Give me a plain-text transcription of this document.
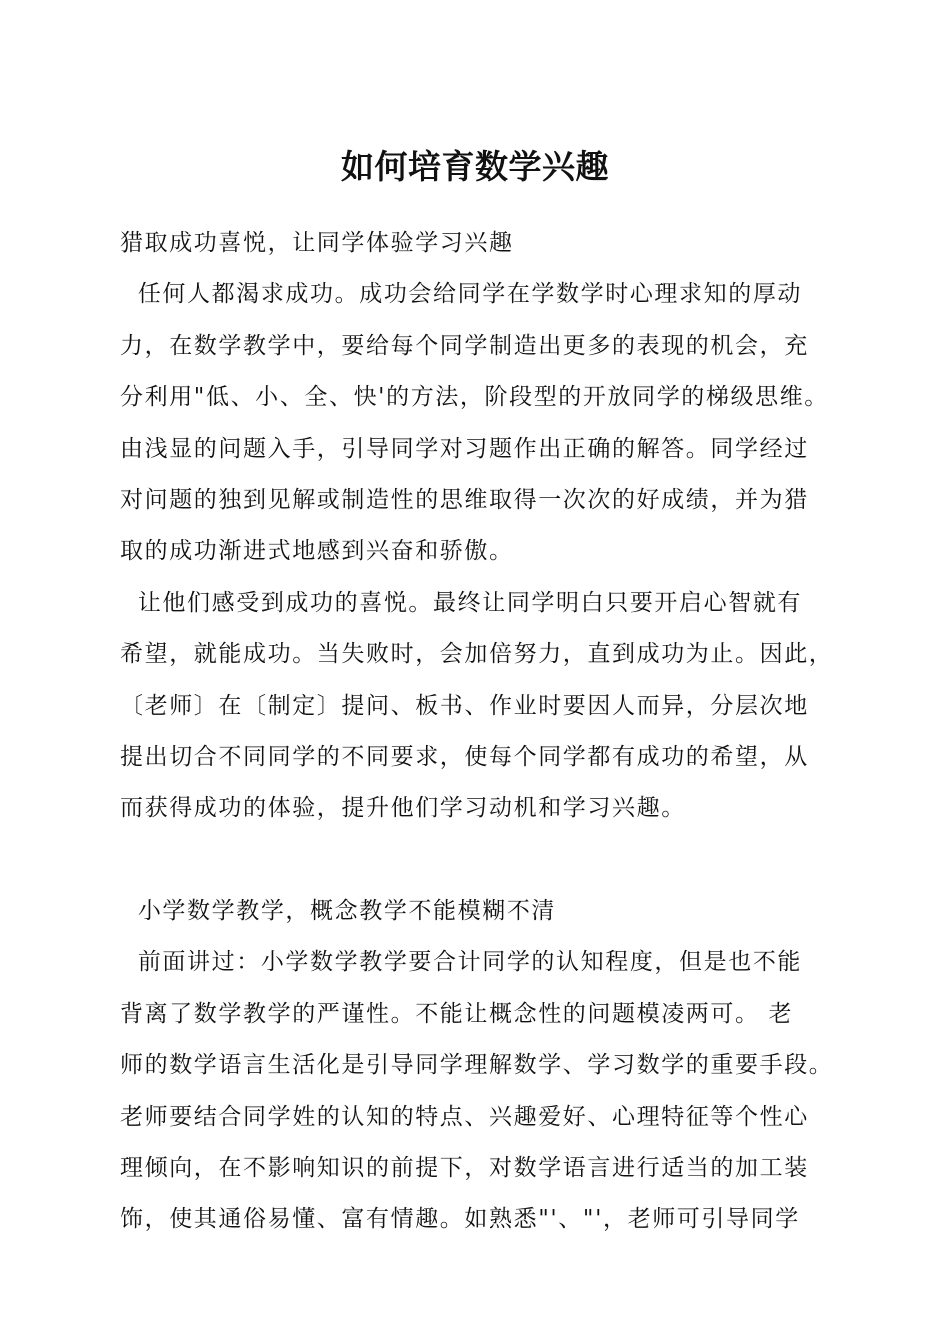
如何培育数学兴趣
猎取成功喜悦，让同学体验学习兴趣
任何人都渴求成功。成功会给同学在学数学时心理求知的厚动
力，在数学教学中，要给每个同学制造出更多的表现的机会，充
分利用"低、小、全、快'的方法，阶段型的开放同学的梯级思维。
由浅显的问题入手，引导同学对习题作出正确的解答。同学经过
对问题的独到见解或制造性的思维取得一次次的好成绩，并为猎
取的成功渐进式地感到兴奋和骄傲。
让他们感受到成功的喜悦。最终让同学明白只要开启心智就有
希望，就能成功。当失败时，会加倍努力，直到成功为止。因此，
〔老师〕在〔制定〕提问、板书、作业时要因人而异，分层次地
提出切合不同同学的不同要求，使每个同学都有成功的希望，从
而获得成功的体验，提升他们学习动机和学习兴趣。
小学数学教学，概念教学不能模糊不清
前面讲过：小学数学教学要合计同学的认知程度，但是也不能
背离了数学教学的严谨性。不能让概念性的问题模凌两可。 老
师的数学语言生活化是引导同学理解数学、学习数学的重要手段。
老师要结合同学姓的认知的特点、兴趣爱好、心理特征等个性心
理倾向，在不影响知识的前提下，对数学语言进行适当的加工装
饰，使其通俗易懂、富有情趣。如熟悉"'、"'，老师可引导同学
